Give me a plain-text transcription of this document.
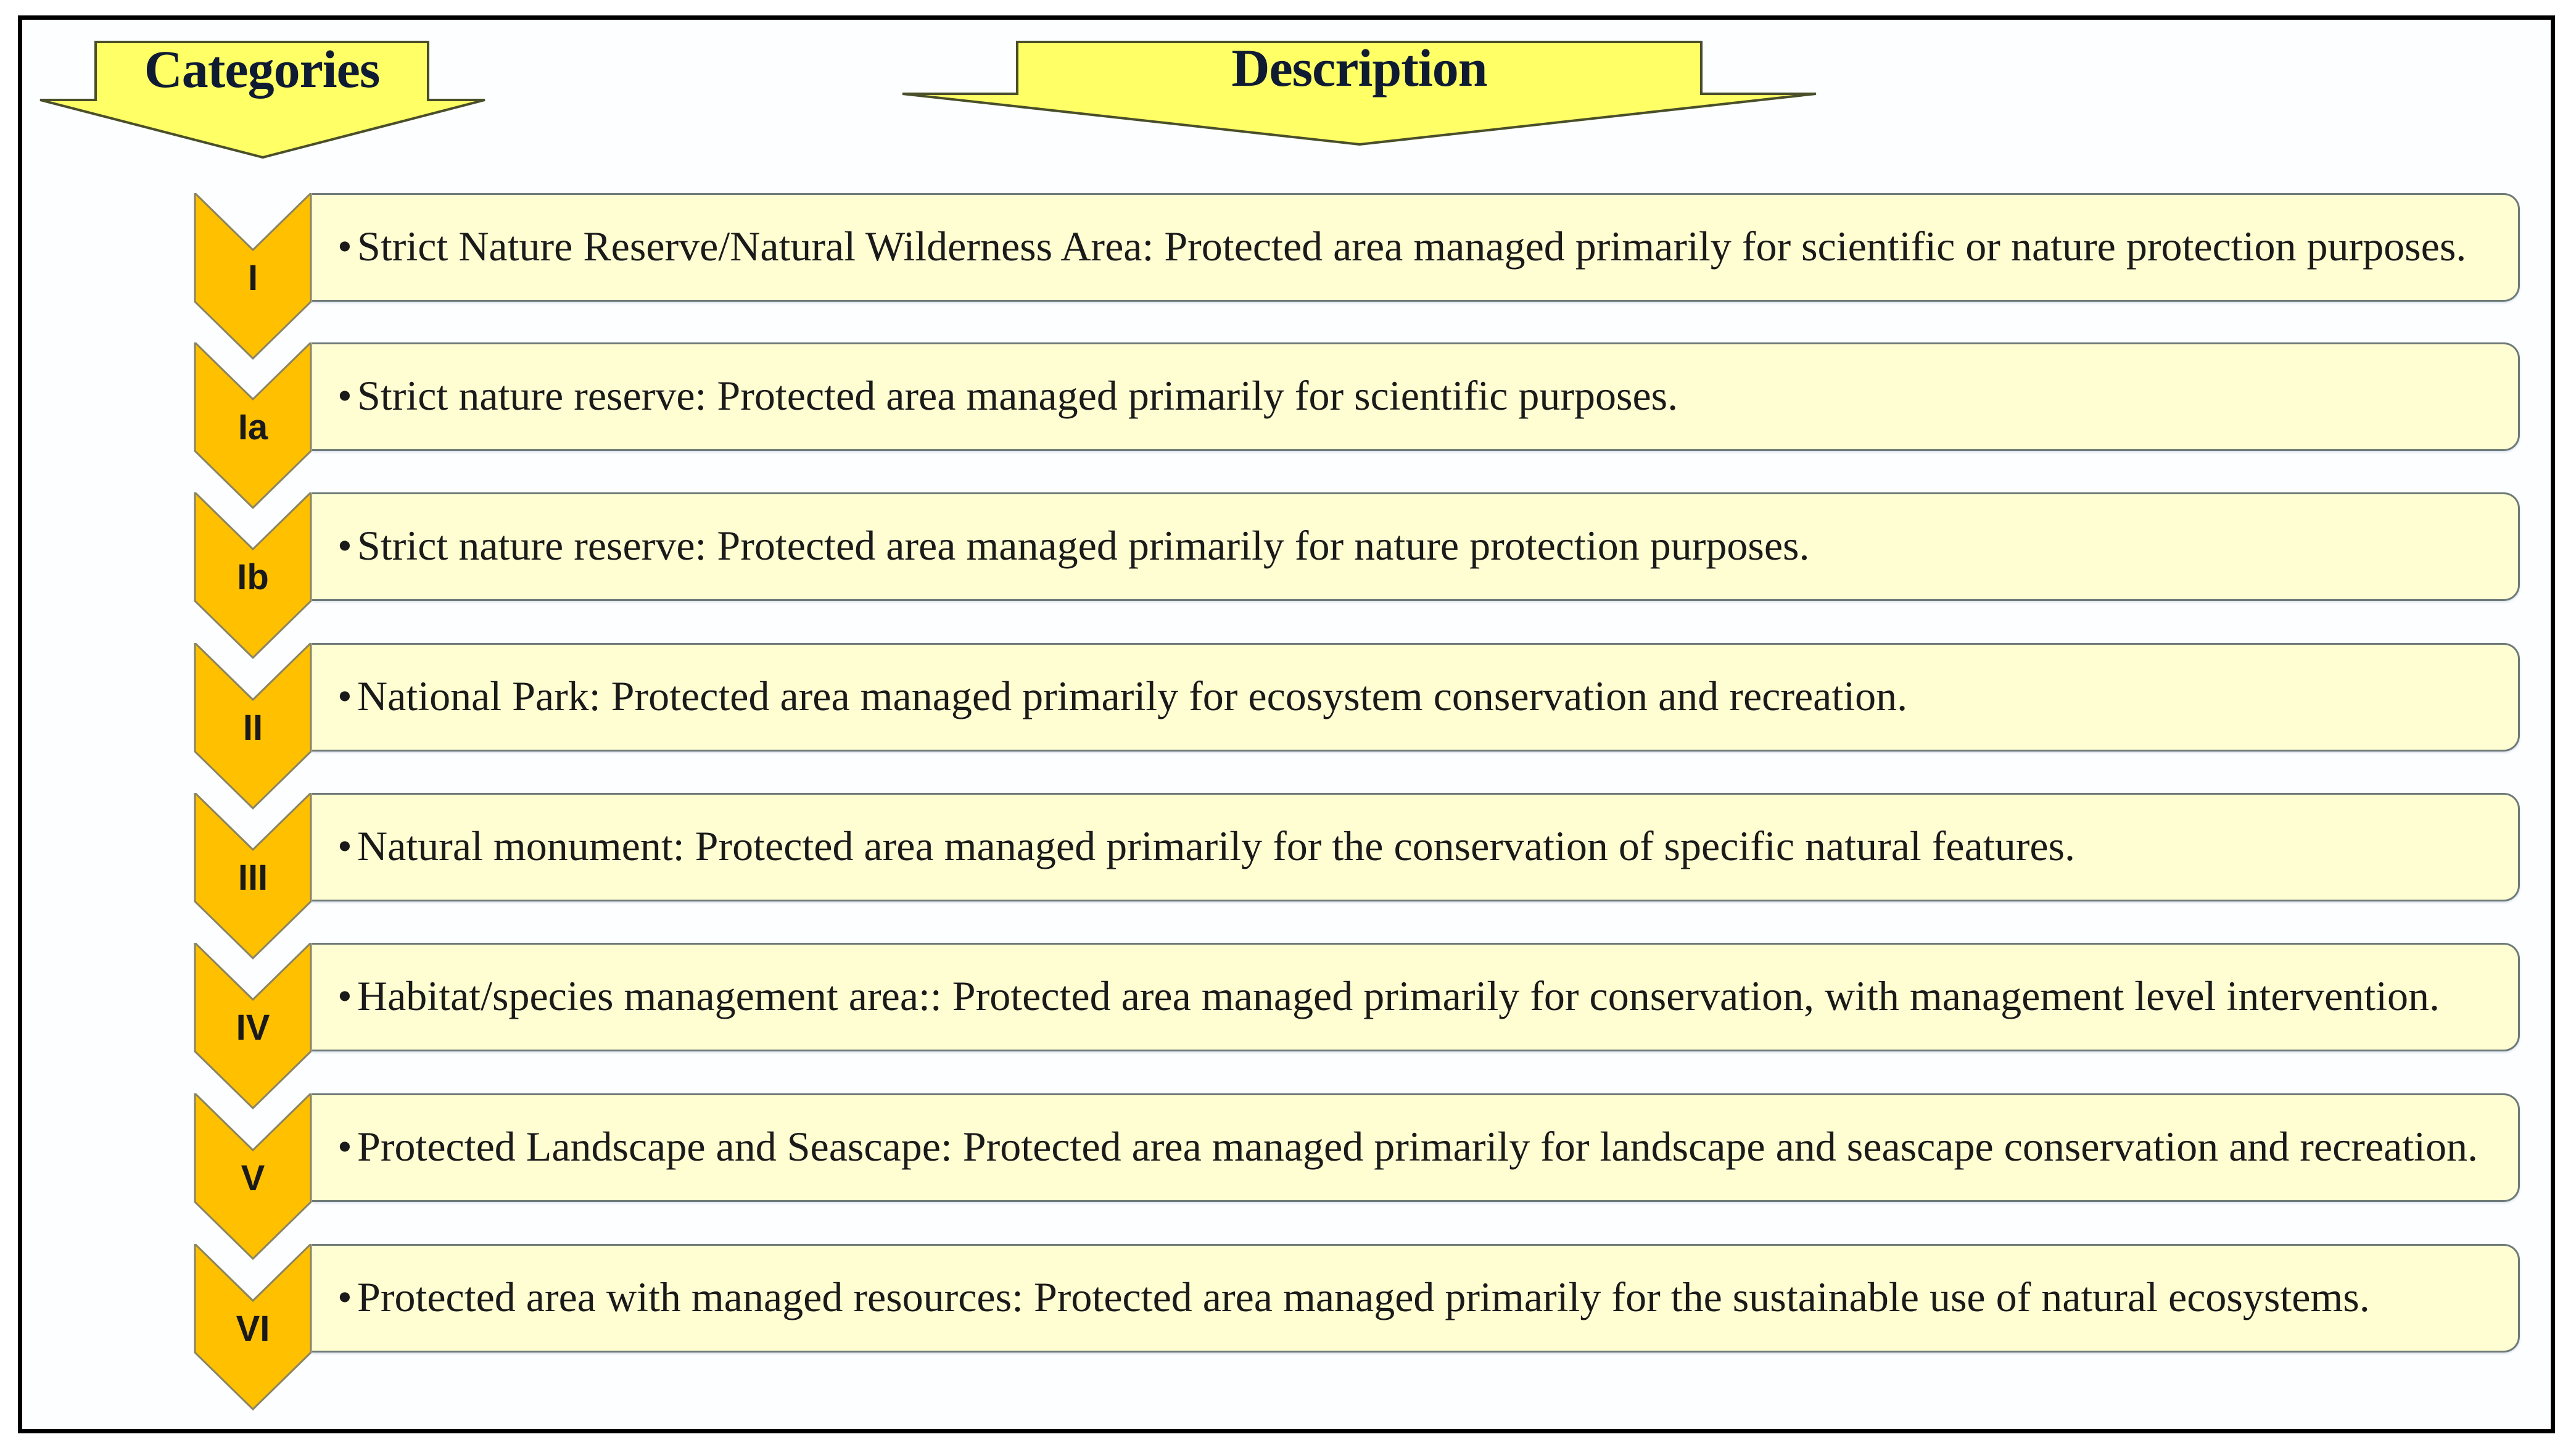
Categories	Description
I
• Strict Nature Reserve/Natural Wilderness Area: Protected area managed primarily for scientific or nature protection purposes.
Ia
• Strict nature reserve: Protected area managed primarily for scientific purposes.
Ib
• Strict nature reserve: Protected area managed primarily for nature protection purposes.
II
• National Park: Protected area managed primarily for ecosystem conservation and recreation.
III
• Natural monument: Protected area managed primarily for the conservation of specific natural features.
IV
• Habitat/species management area:: Protected area managed primarily for conservation, with management level intervention.
V
• Protected Landscape and Seascape: Protected area managed primarily for landscape and seascape conservation and recreation.
VI
• Protected area with managed resources: Protected area managed primarily for the sustainable use of natural ecosystems.
